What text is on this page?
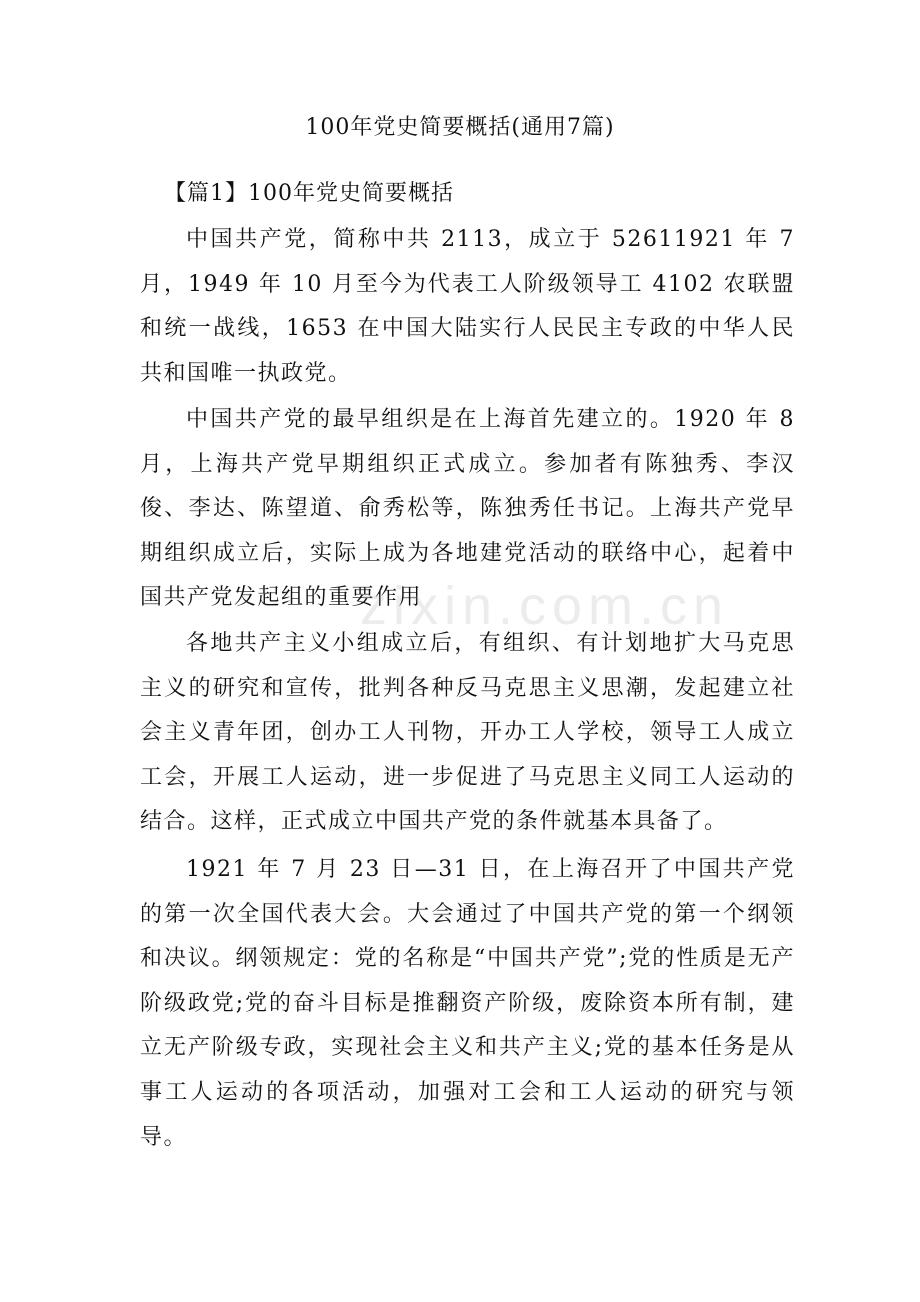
100年党史简要概括(通用7篇)
【篇1】100年党史简要概括

中国共产党，简称中共 2113，成立于 52611921 年 7 月，1949 年 10 月至今为代表工人阶级领导工 4102 农联盟和统一战线，1653 在中国大陆实行人民民主专政的中华人民共和国唯一执政党。

中国共产党的最早组织是在上海首先建立的。1920 年 8 月，上海共产党早期组织正式成立。参加者有陈独秀、李汉俊、李达、陈望道、俞秀松等，陈独秀任书记。上海共产党早期组织成立后，实际上成为各地建党活动的联络中心，起着中国共产党发起组的重要作用

各地共产主义小组成立后，有组织、有计划地扩大马克思主义的研究和宣传，批判各种反马克思主义思潮，发起建立社会主义青年团，创办工人刊物，开办工人学校，领导工人成立工会，开展工人运动，进一步促进了马克思主义同工人运动的结合。这样，正式成立中国共产党的条件就基本具备了。

1921 年 7 月 23 日—31 日，在上海召开了中国共产党的第一次全国代表大会。大会通过了中国共产党的第一个纲领和决议。纲领规定：党的名称是“中国共产党”;党的性质是无产阶级政党;党的奋斗目标是推翻资产阶级，废除资本所有制，建立无产阶级专政，实现社会主义和共产主义;党的基本任务是从事工人运动的各项活动，加强对工会和工人运动的研究与领导。

zixin.com.cn
